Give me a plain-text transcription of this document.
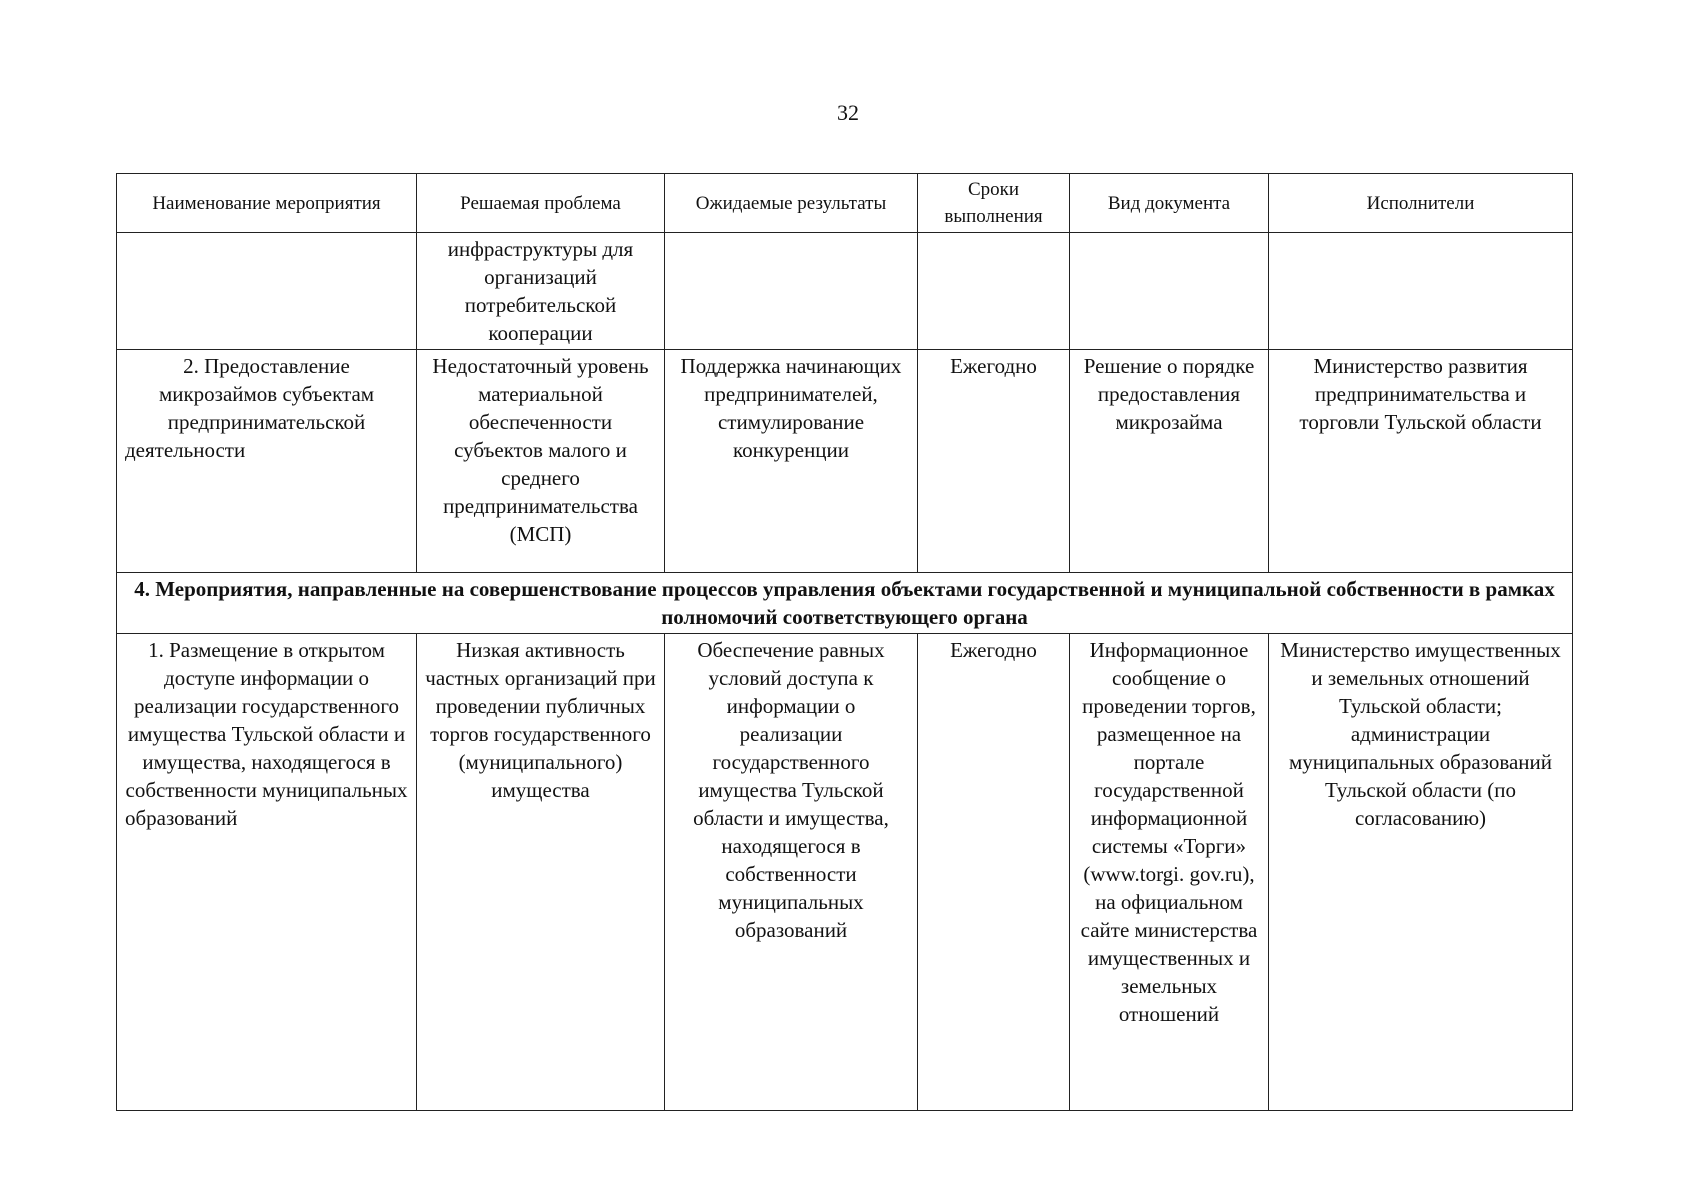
32
Наименование мероприятия	Решаемая проблема	Ожидаемые результаты	Сроки выполнения	Вид документа	Исполнители
	инфраструктуры для организаций потребительской кооперации				
2. Предоставление микрозаймов субъектам предпринимательской деятельности	Недостаточный уровень материальной обеспеченности субъектов малого и среднего предпринимательства (МСП)	Поддержка начинающих предпринимателей, стимулирование конкуренции	Ежегодно	Решение о порядке предоставления микрозайма	Министерство развития предпринимательства и торговли Тульской области
4. Мероприятия, направленные на совершенствование процессов управления объектами государственной и муниципальной собственности в рамках полномочий соответствующего органа					
1. Размещение в открытом доступе информации о реализации государственного имущества Тульской области и имущества, находящегося в собственности муниципальных образований	Низкая активность частных организаций при проведении публичных торгов государственного (муниципального) имущества	Обеспечение равных условий доступа к информации о реализации государственного имущества Тульской области и имущества, находящегося в собственности муниципальных образований	Ежегодно	Информационное сообщение о проведении торгов, размещенное на портале государственной информационной системы «Торги» (www.torgi. gov.ru), на официальном сайте министерства имущественных и земельных отношений	Министерство имущественных и земельных отношений Тульской области; администрации муниципальных образований Тульской области (по согласованию)
